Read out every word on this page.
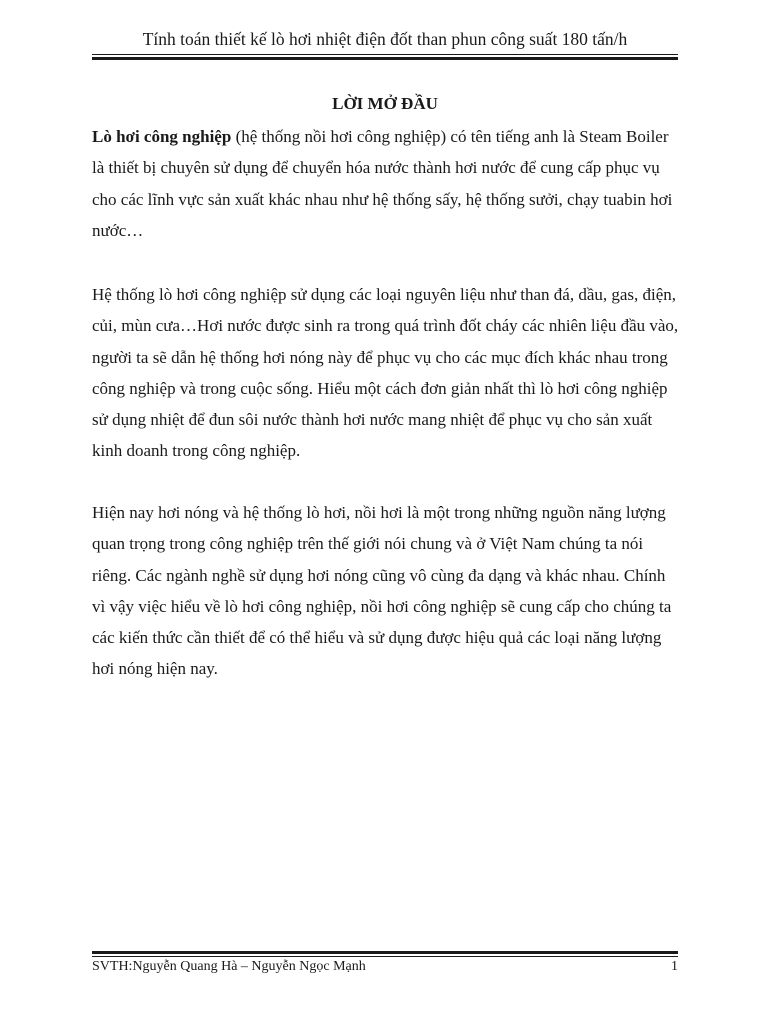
Tính toán thiết kế lò hơi nhiệt điện đốt than phun công suất 180 tấn/h
LỜI MỞ ĐẦU

Lò hơi công nghiệp (hệ thống nồi hơi công nghiệp) có tên tiếng anh là Steam Boiler là thiết bị chuyên sử dụng để chuyển hóa nước thành hơi nước để cung cấp phục vụ cho các lĩnh vực sản xuất khác nhau như hệ thống sấy, hệ thống sưởi, chạy tuabin hơi nước…

Hệ thống lò hơi công nghiệp sử dụng các loại nguyên liệu như than đá, dầu, gas, điện, củi, mùn cưa…Hơi nước được sinh ra trong quá trình đốt cháy các nhiên liệu đầu vào, người ta sẽ dẫn hệ thống hơi nóng này để phục vụ cho các mục đích khác nhau trong công nghiệp và trong cuộc sống. Hiểu một cách đơn giản nhất thì lò hơi công nghiệp sử dụng nhiệt để đun sôi nước thành hơi nước mang nhiệt để phục vụ cho sản xuất kinh doanh trong công nghiệp.

Hiện nay hơi nóng và hệ thống lò hơi, nồi hơi là một trong những nguồn năng lượng quan trọng trong công nghiệp trên thế giới nói chung và ở Việt Nam chúng ta nói riêng. Các ngành nghề sử dụng hơi nóng cũng vô cùng đa dạng và khác nhau. Chính vì vậy việc hiểu về lò hơi công nghiệp, nồi hơi công nghiệp sẽ cung cấp cho chúng ta các kiến thức cần thiết để có thể hiểu và sử dụng được hiệu quả các loại năng lượng hơi nóng hiện nay.

SVTH:Nguyễn Quang Hà – Nguyễn Ngọc Mạnh	1
